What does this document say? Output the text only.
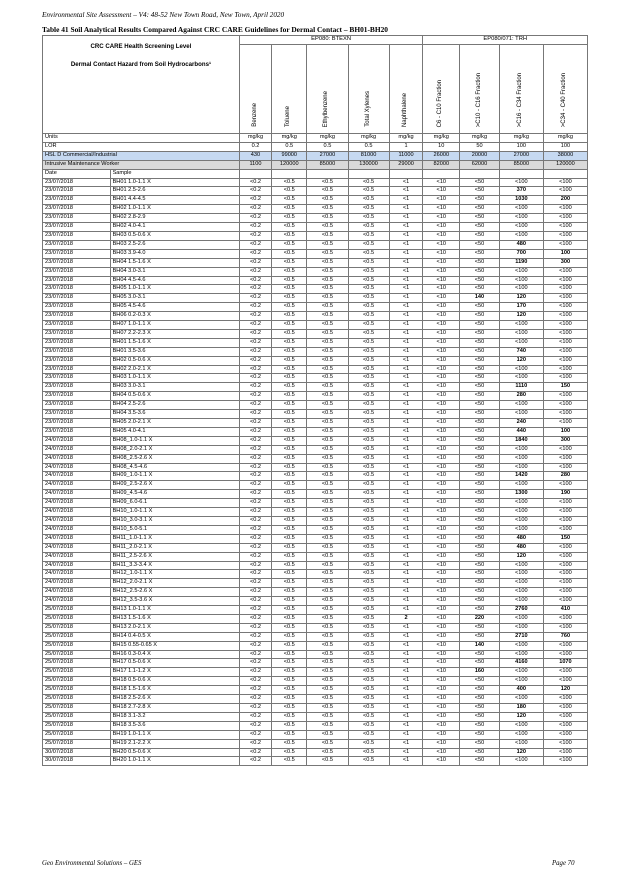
Environmental Site Assessment – V4: 48-52 New Town Road, New Town, April 2020
Table 41 Soil Analytical Results Compared Against CRC CARE Guidelines for Dermal Contact – BH01-BH20
CRC CARE Health Screening Level
Dermal Contact Hazard from Soil Hydrocarbons¹		EP080: BTEXN					EP080/071: TRH			
		Benzene	Toluene	Ethylbenzene	Total Xylenes	Naphthalene	C6 - C10 Fraction	>C10 - C16 Fraction	>C16 - C34 Fraction	>C34 - C40 Fraction
Units		mg/kg	mg/kg	mg/kg	mg/kg	mg/kg	mg/kg	mg/kg	mg/kg	mg/kg
LOR		0.2	0.5	0.5	0.5	1	10	50	100	100
HSL D Commercial/Industrial		430	99000	27000	81000	11000	26000	20000	27000	38000
Intrusive Maintenance Worker		1100	120000	85000	130000	29000	82000	62000	85000	120000
Date	Sample									
23/07/2018	BH01 1.0-1.1 X	<0.2	<0.5	<0.5	<0.5	<1	<10	<50	<100	<100
23/07/2018	BH01 2.5-2.6	<0.2	<0.5	<0.5	<0.5	<1	<10	<50	370	<100
23/07/2018	BH01 4.4-4.5	<0.2	<0.5	<0.5	<0.5	<1	<10	<50	1030	200
23/07/2018	BH02 1.0-1.1 X	<0.2	<0.5	<0.5	<0.5	<1	<10	<50	<100	<100
23/07/2018	BH02 2.8-2.9	<0.2	<0.5	<0.5	<0.5	<1	<10	<50	<100	<100
23/07/2018	BH02 4.0-4.1	<0.2	<0.5	<0.5	<0.5	<1	<10	<50	<100	<100
23/07/2018	BH03 0.5-0.6 X	<0.2	<0.5	<0.5	<0.5	<1	<10	<50	<100	<100
23/07/2018	BH03 2.5-2.6	<0.2	<0.5	<0.5	<0.5	<1	<10	<50	480	<100
23/07/2018	BH03 3.9-4.0	<0.2	<0.5	<0.5	<0.5	<1	<10	<50	700	100
23/07/2018	BH04 1.5-1.6 X	<0.2	<0.5	<0.5	<0.5	<1	<10	<50	1190	300
23/07/2018	BH04 3.0-3.1	<0.2	<0.5	<0.5	<0.5	<1	<10	<50	<100	<100
23/07/2018	BH04 4.5-4.6	<0.2	<0.5	<0.5	<0.5	<1	<10	<50	<100	<100
23/07/2018	BH05 1.0-1.1 X	<0.2	<0.5	<0.5	<0.5	<1	<10	<50	<100	<100
23/07/2018	BH05 3.0-3.1	<0.2	<0.5	<0.5	<0.5	<1	<10	140	120	<100
23/07/2018	BH05 4.5-4.6	<0.2	<0.5	<0.5	<0.5	<1	<10	<50	170	<100
23/07/2018	BH06 0.2-0.3 X	<0.2	<0.5	<0.5	<0.5	<1	<10	<50	120	<100
23/07/2018	BH07 1.0-1.1 X	<0.2	<0.5	<0.5	<0.5	<1	<10	<50	<100	<100
23/07/2018	BH07 2.2-2.3 X	<0.2	<0.5	<0.5	<0.5	<1	<10	<50	<100	<100
23/07/2018	BH01 1.5-1.6 X	<0.2	<0.5	<0.5	<0.5	<1	<10	<50	<100	<100
23/07/2018	BH01 3.5-3.6	<0.2	<0.5	<0.5	<0.5	<1	<10	<50	740	<100
23/07/2018	BH02 0.5-0.6 X	<0.2	<0.5	<0.5	<0.5	<1	<10	<50	120	<100
23/07/2018	BH02 2.0-2.1 X	<0.2	<0.5	<0.5	<0.5	<1	<10	<50	<100	<100
23/07/2018	BH03 1.0-1.1 X	<0.2	<0.5	<0.5	<0.5	<1	<10	<50	<100	<100
23/07/2018	BH03 3.0-3.1	<0.2	<0.5	<0.5	<0.5	<1	<10	<50	1110	150
23/07/2018	BH04 0.5-0.6 X	<0.2	<0.5	<0.5	<0.5	<1	<10	<50	280	<100
23/07/2018	BH04 2.5-2.6	<0.2	<0.5	<0.5	<0.5	<1	<10	<50	<100	<100
23/07/2018	BH04 3.5-3.6	<0.2	<0.5	<0.5	<0.5	<1	<10	<50	<100	<100
23/07/2018	BH05 2.0-2.1 X	<0.2	<0.5	<0.5	<0.5	<1	<10	<50	240	<100
23/07/2018	BH05 4.0-4.1	<0.2	<0.5	<0.5	<0.5	<1	<10	<50	440	100
24/07/2018	BH08_1.0-1.1 X	<0.2	<0.5	<0.5	<0.5	<1	<10	<50	1840	300
24/07/2018	BH08_2.0-2.1 X	<0.2	<0.5	<0.5	<0.5	<1	<10	<50	<100	<100
24/07/2018	BH08_2.5-2.6 X	<0.2	<0.5	<0.5	<0.5	<1	<10	<50	<100	<100
24/07/2018	BH08_4.5-4.6	<0.2	<0.5	<0.5	<0.5	<1	<10	<50	<100	<100
24/07/2018	BH09_1.0-1.1 X	<0.2	<0.5	<0.5	<0.5	<1	<10	<50	1420	280
24/07/2018	BH09_2.5-2.6 X	<0.2	<0.5	<0.5	<0.5	<1	<10	<50	<100	<100
24/07/2018	BH09_4.5-4.6	<0.2	<0.5	<0.5	<0.5	<1	<10	<50	1300	190
24/07/2018	BH09_6.0-6.1	<0.2	<0.5	<0.5	<0.5	<1	<10	<50	<100	<100
24/07/2018	BH10_1.0-1.1 X	<0.2	<0.5	<0.5	<0.5	<1	<10	<50	<100	<100
24/07/2018	BH10_3.0-3.1 X	<0.2	<0.5	<0.5	<0.5	<1	<10	<50	<100	<100
24/07/2018	BH10_5.0-5.1	<0.2	<0.5	<0.5	<0.5	<1	<10	<50	<100	<100
24/07/2018	BH11_1.0-1.1 X	<0.2	<0.5	<0.5	<0.5	<1	<10	<50	480	150
24/07/2018	BH11_2.0-2.1 X	<0.2	<0.5	<0.5	<0.5	<1	<10	<50	480	<100
24/07/2018	BH11_2.5-2.6 X	<0.2	<0.5	<0.5	<0.5	<1	<10	<50	120	<100
24/07/2018	BH11_3.3-3.4 X	<0.2	<0.5	<0.5	<0.5	<1	<10	<50	<100	<100
24/07/2018	BH12_1.0-1.1 X	<0.2	<0.5	<0.5	<0.5	<1	<10	<50	<100	<100
24/07/2018	BH12_2.0-2.1 X	<0.2	<0.5	<0.5	<0.5	<1	<10	<50	<100	<100
24/07/2018	BH12_2.5-2.6 X	<0.2	<0.5	<0.5	<0.5	<1	<10	<50	<100	<100
24/07/2018	BH12_3.5-3.6 X	<0.2	<0.5	<0.5	<0.5	<1	<10	<50	<100	<100
25/07/2018	BH13 1.0-1.1 X	<0.2	<0.5	<0.5	<0.5	<1	<10	<50	2760	410
25/07/2018	BH13 1.5-1.6 X	<0.2	<0.5	<0.5	<0.5	2	<10	220	<100	<100
25/07/2018	BH13 2.0-2.1 X	<0.2	<0.5	<0.5	<0.5	<1	<10	<50	<100	<100
25/07/2018	BH14 0.4-0.5 X	<0.2	<0.5	<0.5	<0.5	<1	<10	<50	2710	760
25/07/2018	BH15 0.55-0.65 X	<0.2	<0.5	<0.5	<0.5	<1	<10	140	<100	<100
25/07/2018	BH16 0.3-0.4 X	<0.2	<0.5	<0.5	<0.5	<1	<10	<50	<100	<100
25/07/2018	BH17 0.5-0.6 X	<0.2	<0.5	<0.5	<0.5	<1	<10	<50	4160	1070
25/07/2018	BH17 1.1-1.2 X	<0.2	<0.5	<0.5	<0.5	<1	<10	160	<100	<100
25/07/2018	BH18 0.5-0.6 X	<0.2	<0.5	<0.5	<0.5	<1	<10	<50	<100	<100
25/07/2018	BH18 1.5-1.6 X	<0.2	<0.5	<0.5	<0.5	<1	<10	<50	400	120
25/07/2018	BH18 2.5-2.6 X	<0.2	<0.5	<0.5	<0.5	<1	<10	<50	<100	<100
25/07/2018	BH18 2.7-2.8 X	<0.2	<0.5	<0.5	<0.5	<1	<10	<50	180	<100
25/07/2018	BH18 3.1-3.2	<0.2	<0.5	<0.5	<0.5	<1	<10	<50	120	<100
25/07/2018	BH18 3.5-3.6	<0.2	<0.5	<0.5	<0.5	<1	<10	<50	<100	<100
25/07/2018	BH19 1.0-1.1 X	<0.2	<0.5	<0.5	<0.5	<1	<10	<50	<100	<100
25/07/2018	BH19 2.1-2.2 X	<0.2	<0.5	<0.5	<0.5	<1	<10	<50	<100	<100
30/07/2018	BH20 0.5-0.6 X	<0.2	<0.5	<0.5	<0.5	<1	<10	<50	120	<100
30/07/2018	BH20 1.0-1.1 X	<0.2	<0.5	<0.5	<0.5	<1	<10	<50	<100	<100
Geo Environmental Solutions – GES	Page 70
